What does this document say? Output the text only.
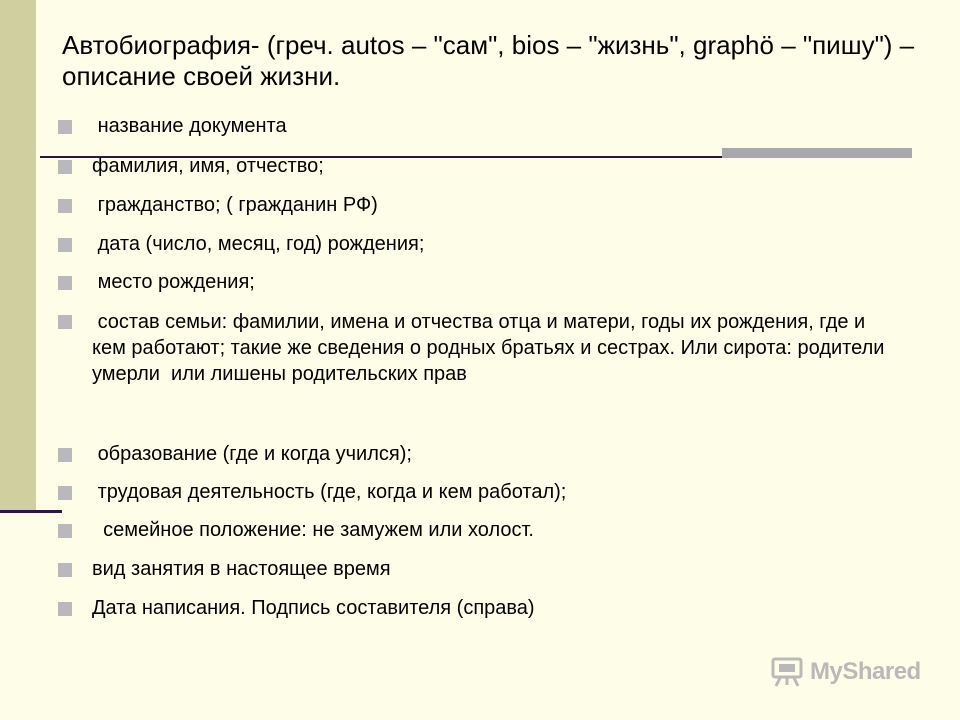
Автобиография- (греч. autos – "сам", bios – "жизнь", graphö – "пишу") – описание своей жизни.
название документа
фамилия, имя, отчество;
гражданство; ( гражданин РФ)
дата (число, месяц, год) рождения;
место рождения;
состав семьи: фамилии, имена и отчества отца и матери, годы их рождения, где и кем работают; такие же сведения о родных братьях и сестрах. Или сирота: родители умерли  или лишены родительских прав
образование (где и когда учился);
трудовая деятельность (где, когда и кем работал);
семейное положение: не замужем или холост.
вид занятия в настоящее время
Дата написания. Подпись составителя (справа)
MyShared
